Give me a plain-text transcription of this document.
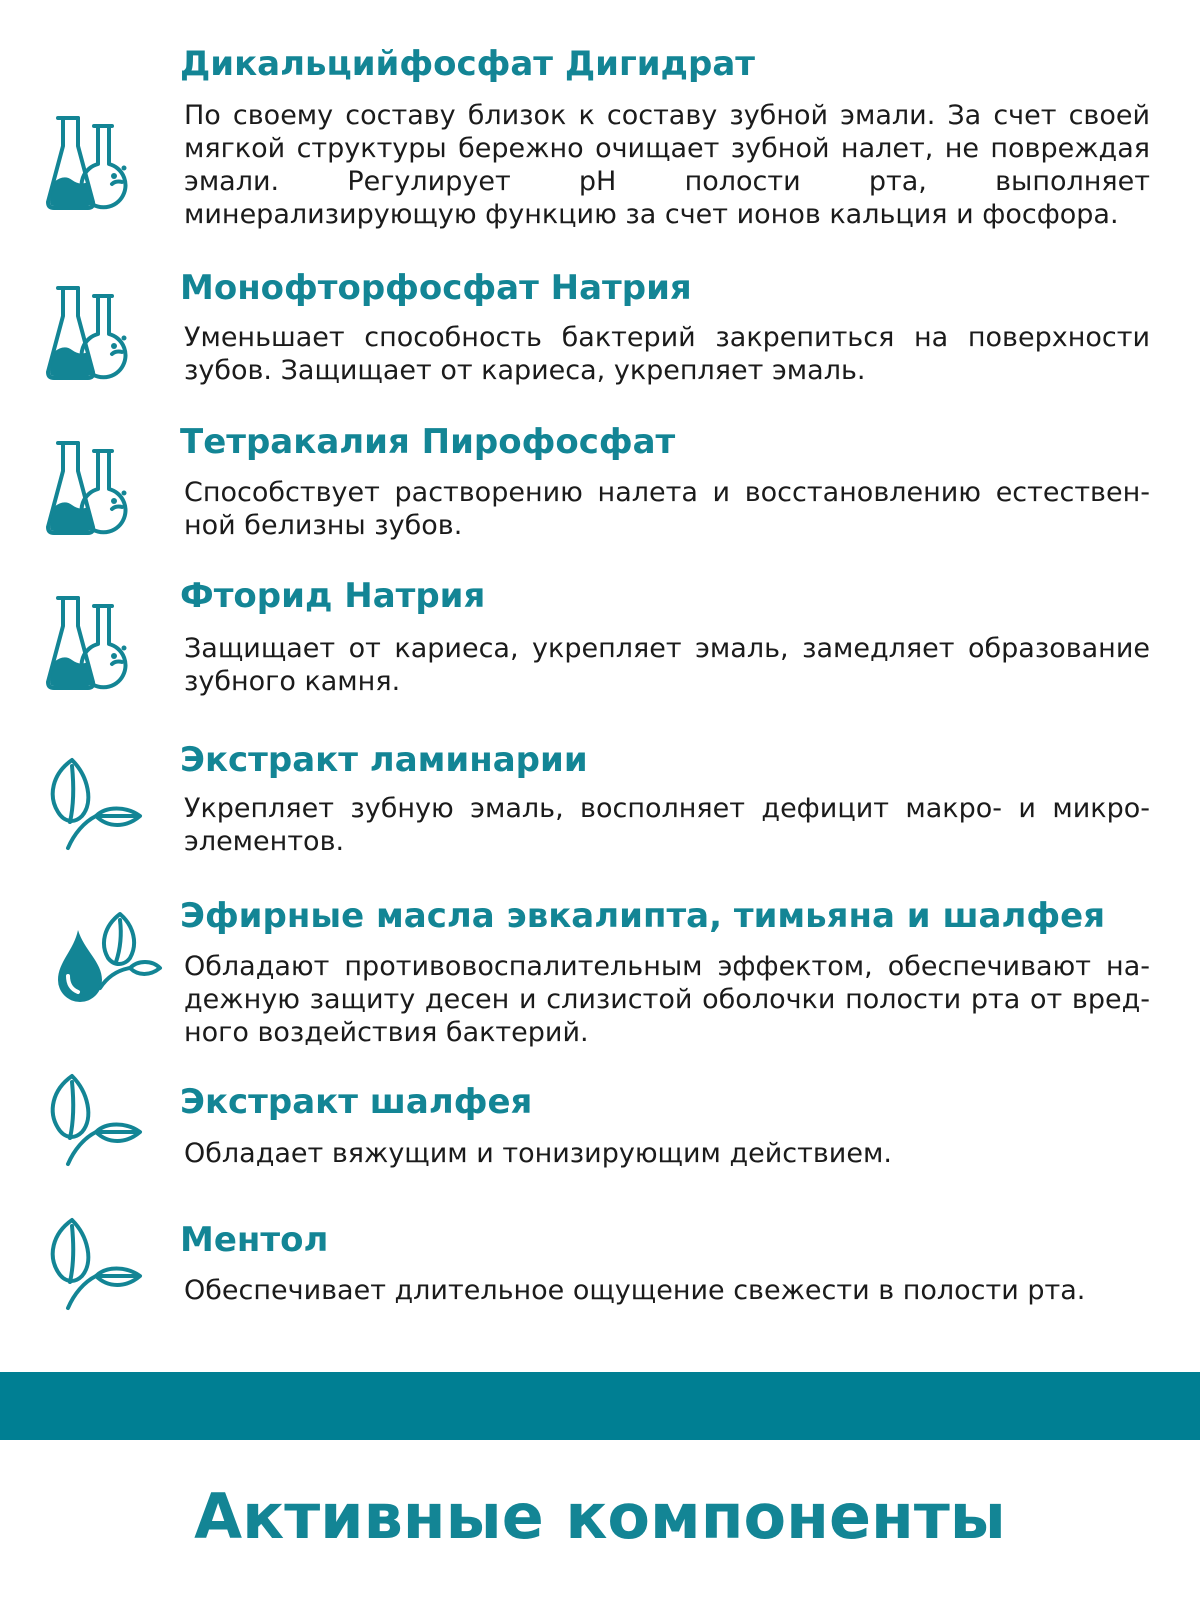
Дикальцийфосфат Дигидрат

По своему составу близок к составу зубной эмали. За счет своей мягкой структуры бережно очищает зубной налет, не повреждая эмали. Регулирует рН полости рта, выполняет минерализирующую функцию за счет ионов кальция и фосфора.

Монофторфосфат Натрия

Уменьшает способность бактерий закрепиться на поверхности зубов. Защищает от кариеса, укрепляет эмаль.

Тетракалия Пирофосфат

Способствует растворению налета и восстановлению естественной белизны зубов.

Фторид Натрия

Защищает от кариеса, укрепляет эмаль, замедляет образование зубного камня.

Экстракт ламинарии

Укрепляет зубную эмаль, восполняет дефицит макро- и микроэлементов.

Эфирные масла эвкалипта, тимьяна и шалфея

Обладают противовоспалительным эффектом, обеспечивают надежную защиту десен и слизистой оболочки полости рта от вредного воздействия бактерий.

Экстракт шалфея

Обладает вяжущим и тонизирующим действием.

Ментол

Обеспечивает длительное ощущение свежести в полости рта.

Активные компоненты
